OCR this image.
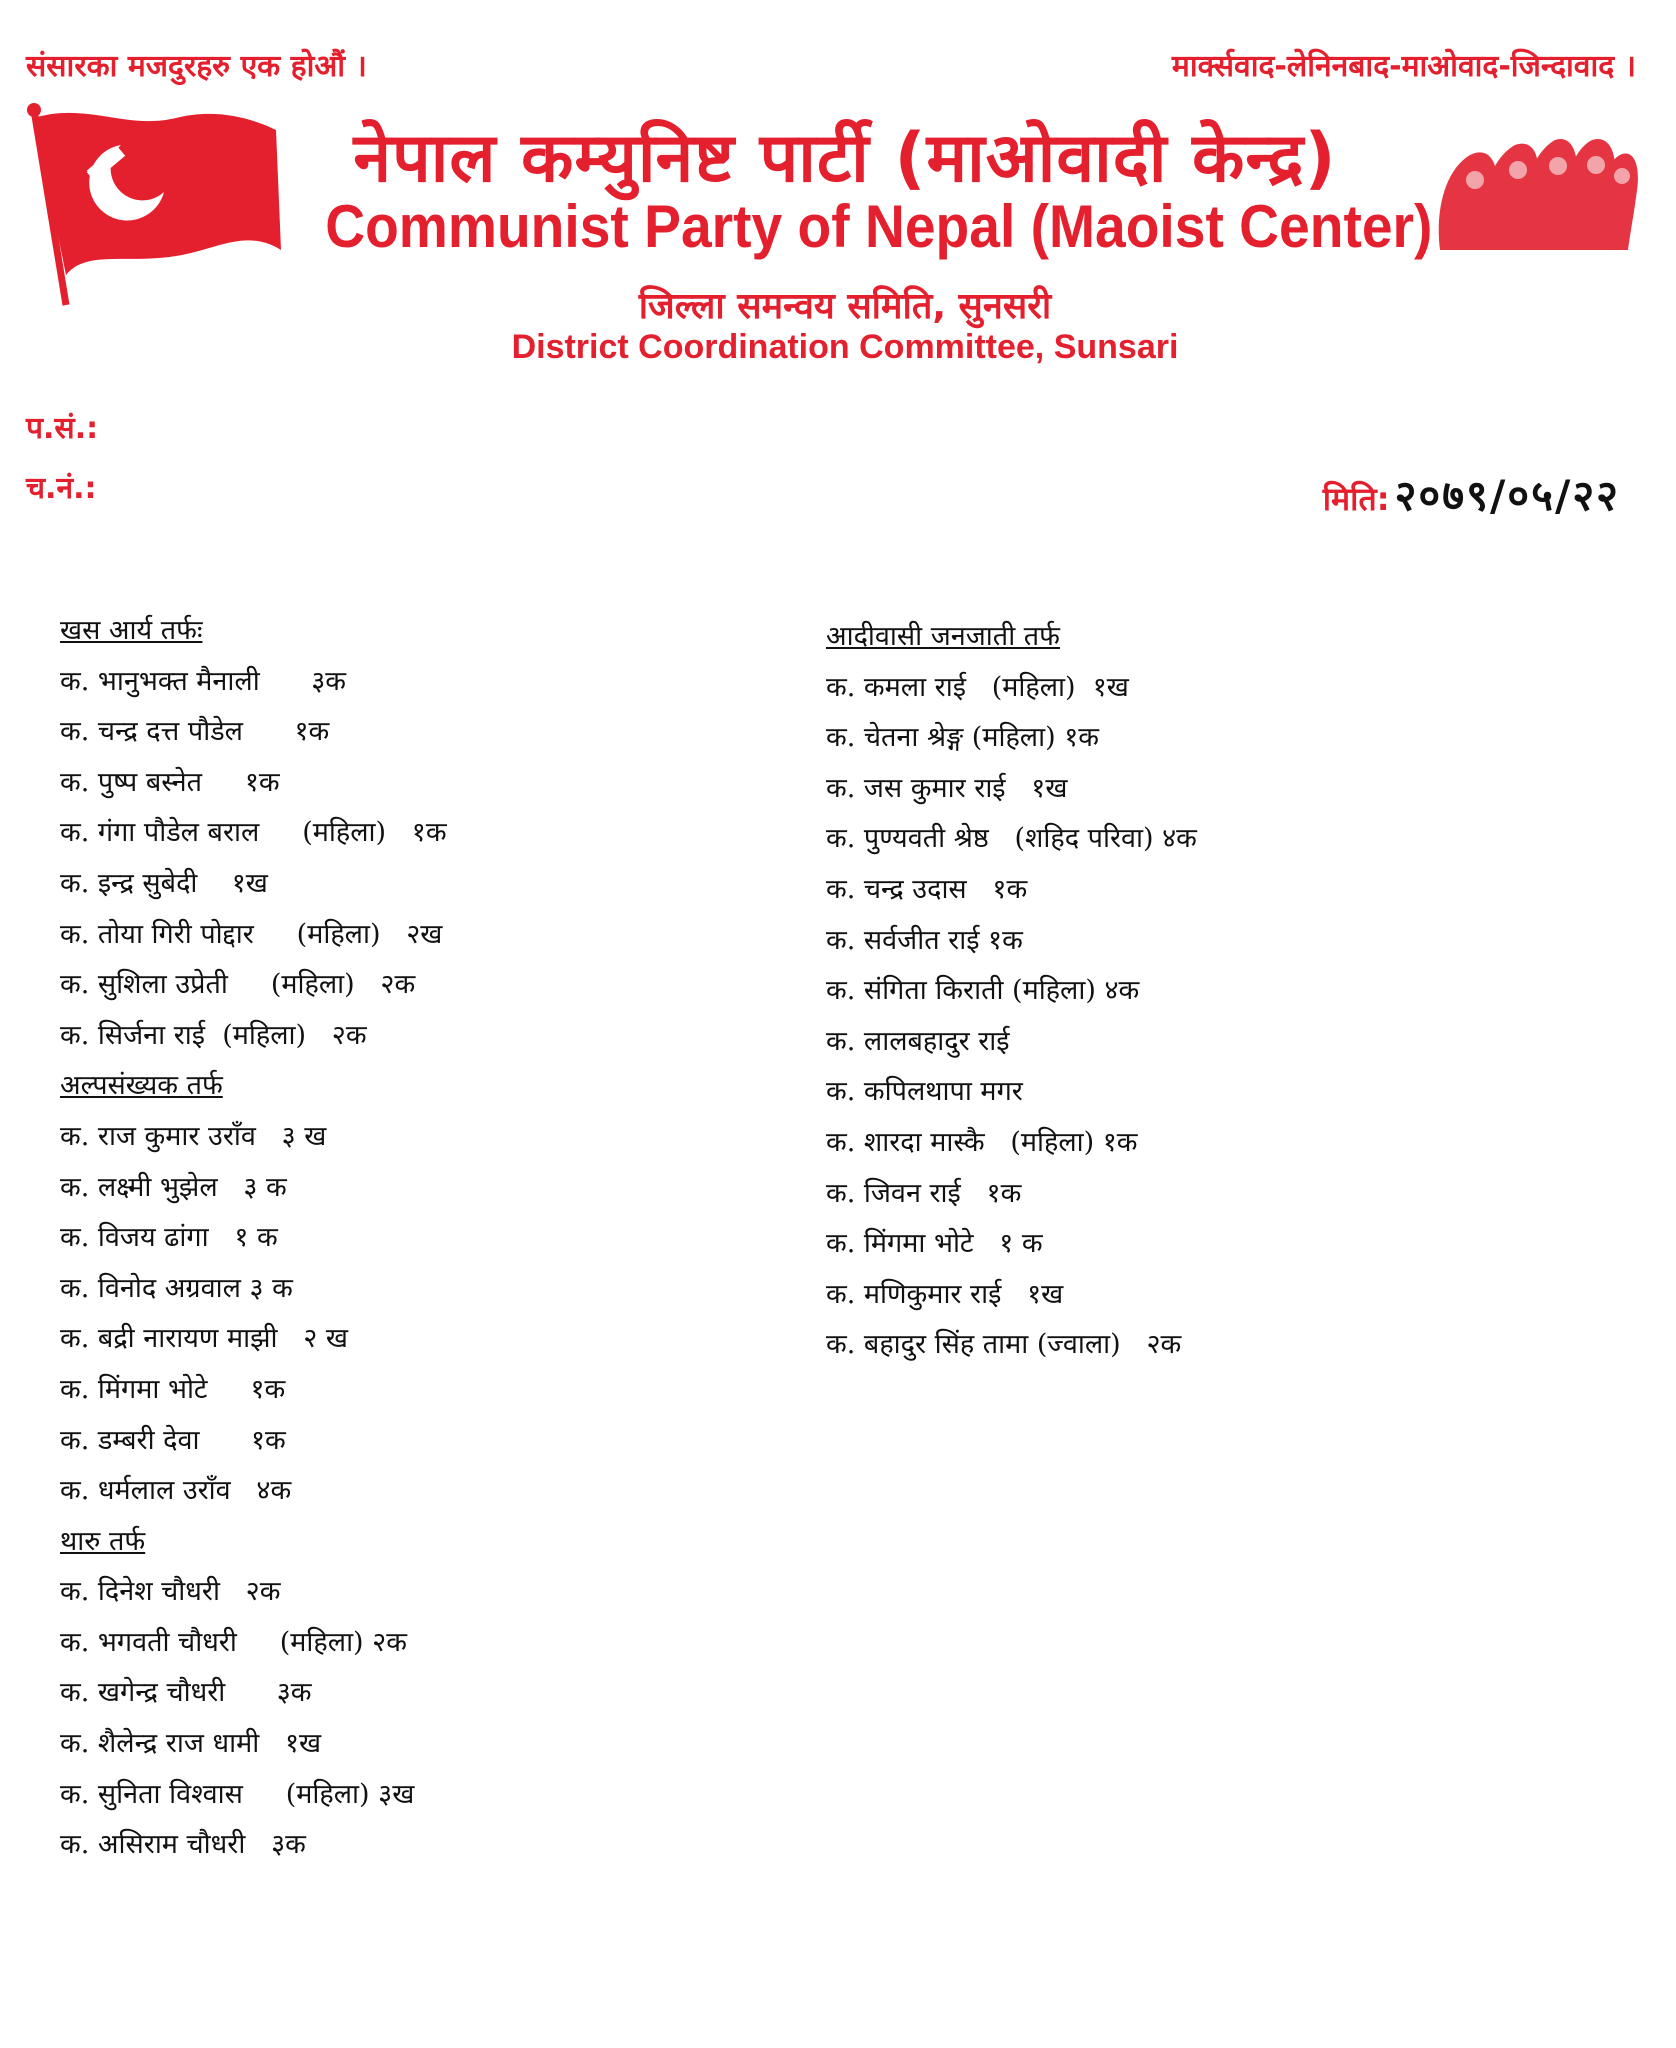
संसारका मजदुरहरु एक होऔं ।	मार्क्सवाद-लेनिनबाद-माओवाद-जिन्दावाद ।
नेपाल कम्युनिष्ट पार्टी (माओवादी केन्द्र)
Communist Party of Nepal (Maoist Center)
जिल्ला समन्वय समिति, सुनसरी
District Coordination Committee, Sunsari
प.सं.:
च.नं.:	मिति: २०७९/०५/२२
खस आर्य तर्फः
क. भानुभक्त मैनाली      ३क
क. चन्द्र दत्त पौडेल      १क
क. पुष्प बस्नेत     १क
क. गंगा पौडेल बराल     (महिला)   १क
क. इन्द्र सुबेदी    १ख
क. तोया गिरी पोद्दार     (महिला)   २ख
क. सुशिला उप्रेती     (महिला)   २क
क. सिर्जना राई  (महिला)   २क
अल्पसंख्यक तर्फ
क. राज कुमार उराँव   ३ ख
क. लक्ष्मी भुझेल   ३ क
क. विजय ढांगा   १ क
क. विनोद अग्रवाल ३ क
क. बद्री नारायण माझी   २ ख
क. मिंगमा भोटे     १क
क. डम्बरी देवा      १क
क. धर्मलाल उराँव   ४क
थारु तर्फ
क. दिनेश चौधरी   २क
क. भगवती चौधरी     (महिला) २क
क. खगेन्द्र चौधरी      ३क
क. शैलेन्द्र राज धामी   १ख
क. सुनिता विश्वास     (महिला) ३ख
क. असिराम चौधरी   ३क
आदीवासी जनजाती तर्फ
क. कमला राई   (महिला)  १ख
क. चेतना श्रेङ्ग (महिला) १क
क. जस कुमार राई   १ख
क. पुण्यवती श्रेष्ठ   (शहिद परिवा) ४क
क. चन्द्र उदास   १क
क. सर्वजीत राई १क
क. संगिता किराती (महिला) ४क
क. लालबहादुर राई
क. कपिलथापा मगर
क. शारदा मास्कै   (महिला) १क
क. जिवन राई   १क
क. मिंगमा भोटे   १ क
क. मणिकुमार राई   १ख
क. बहादुर सिंह तामा (ज्वाला)   २क
